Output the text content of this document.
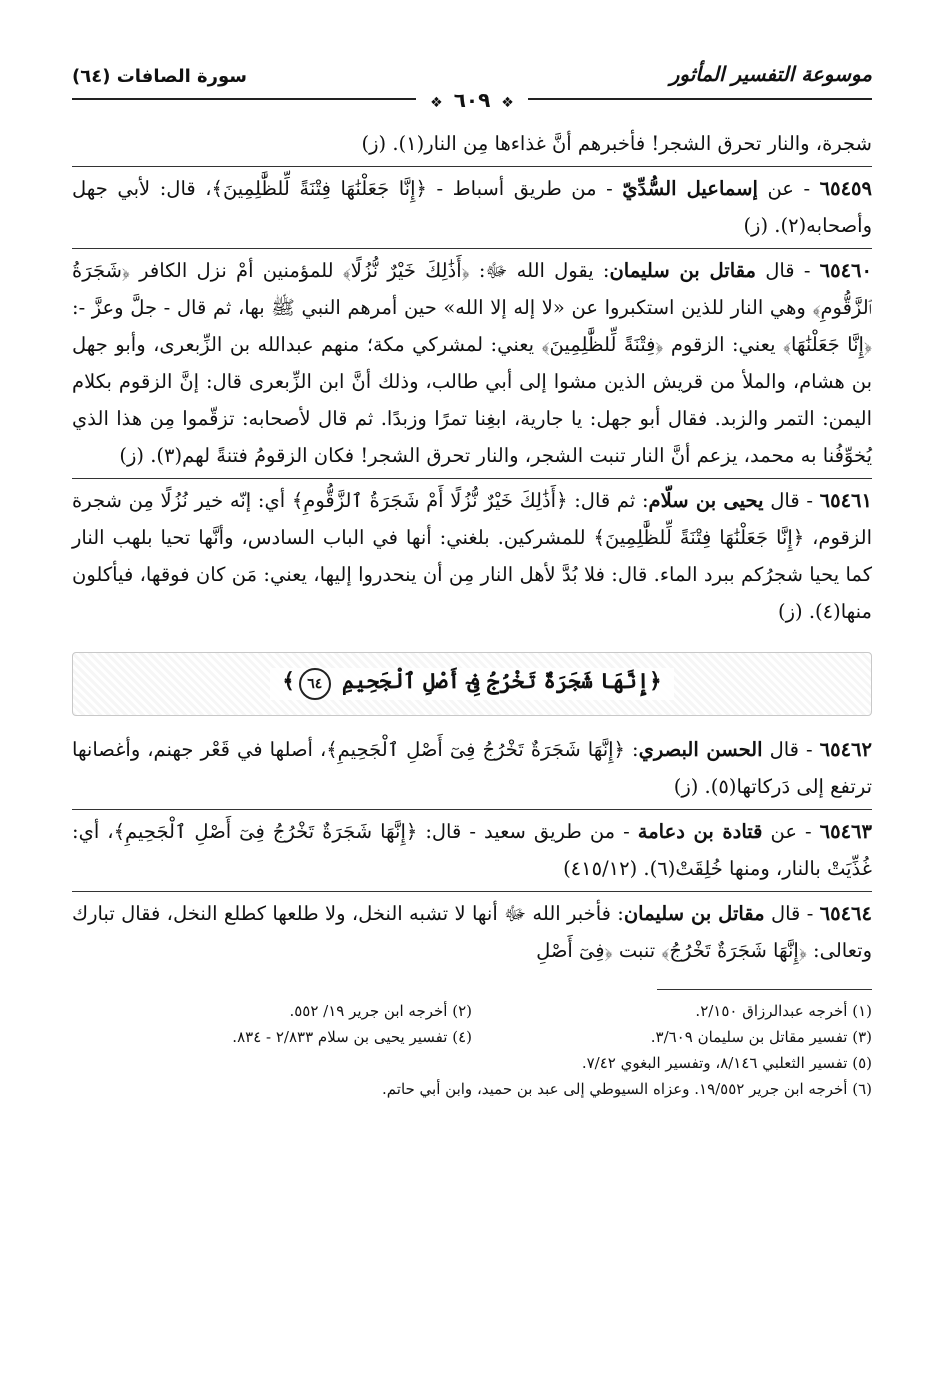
موسوعة التفسير المأثور
سورة الصافات (٦٤)
❖ ٦٠٩ ❖

شجرة، والنار تحرق الشجر! فأخبرهم أنَّ غذاءها مِن النار(١). (ز)

٦٥٤٥٩ - عن إسماعيل السُّدِّيّ - من طريق أسباط - ﴿إِنَّا جَعَلْنَٰهَا فِتْنَةً لِّلظَّٰلِمِينَ﴾، قال: لأبي جهل وأصحابه(٢). (ز)

٦٥٤٦٠ - قال مقاتل بن سليمان: يقول الله ﷻ: ﴿أَذَٰلِكَ خَيْرٌ نُّزُلًا﴾ للمؤمنين أمْ نزل الكافر ﴿شَجَرَةُ ٱلزَّقُّومِ﴾ وهي النار للذين استكبروا عن «لا إله إلا الله» حين أمرهم النبي ﷺ بها، ثم قال - جلَّ وعزَّ -: ﴿إِنَّا جَعَلْنَٰهَا﴾ يعني: الزقوم ﴿فِتْنَةً لِّلظَّٰلِمِينَ﴾ يعني: لمشركي مكة؛ منهم عبدالله بن الزِّبعرى، وأبو جهل بن هشام، والملأ من قريش الذين مشوا إلى أبي طالب، وذلك أنَّ ابن الزِّبعرى قال: إنَّ الزقوم بكلام اليمن: التمر والزبد. فقال أبو جهل: يا جارية، ابغِنا تمرًا وزبدًا. ثم قال لأصحابه: تزقّموا مِن هذا الذي يُخوِّفُنا به محمد، يزعم أنَّ النار تنبت الشجر، والنار تحرق الشجر! فكان الزقومُ فتنةً لهم(٣). (ز)

٦٥٤٦١ - قال يحيى بن سلّام: ثم قال: ﴿أَذَٰلِكَ خَيْرٌ نُّزُلًا أَمْ شَجَرَةُ ٱلزَّقُّومِ﴾ أي: إنّه خير نُزُلًا مِن شجرة الزقوم، ﴿إِنَّا جَعَلْنَٰهَا فِتْنَةً لِّلظَّٰلِمِينَ﴾ للمشركين. بلغني: أنها في الباب السادس، وأنَّها تحيا بلهب النار كما يحيا شجرُكم ببرد الماء. قال: فلا بُدَّ لأهل النار مِن أن ينحدروا إليها، يعني: مَن كان فوقها، فيأكلون منها(٤). (ز)

﴿إِنَّهَا شَجَرَةٌ تَخْرُجُ فِىٓ أَصْلِ ٱلْجَحِيمِ ٦٤﴾

٦٥٤٦٢ - قال الحسن البصري: ﴿إِنَّهَا شَجَرَةٌ تَخْرُجُ فِىٓ أَصْلِ ٱلْجَحِيمِ﴾، أصلها في قَعْر جهنم، وأغصانها ترتفع إلى دَركاتها(٥). (ز)

٦٥٤٦٣ - عن قتادة بن دعامة - من طريق سعيد - قال: ﴿إِنَّهَا شَجَرَةٌ تَخْرُجُ فِىٓ أَصْلِ ٱلْجَحِيمِ﴾، أي: غُذِّيَتْ بالنار، ومنها خُلِقَتْ(٦). (٤١٥/١٢)

٦٥٤٦٤ - قال مقاتل بن سليمان: فأخبر الله ﷻ أنها لا تشبه النخل، ولا طلعها كطلع النخل، فقال تبارك وتعالى: ﴿إِنَّهَا شَجَرَةٌ تَخْرُجُ﴾ تنبت ﴿فِىٓ أَصْلِ

(١) أخرجه عبدالرزاق ٢/١٥٠.
(٢) أخرجه ابن جرير ١٩/ ٥٥٢.
(٣) تفسير مقاتل بن سليمان ٣/٦٠٩.
(٤) تفسير يحيى بن سلام ٢/٨٣٣ - ٨٣٤.
(٥) تفسير الثعلبي ٨/١٤٦، وتفسير البغوي ٧/٤٢.
(٦) أخرجه ابن جرير ١٩/٥٥٢. وعزاه السيوطي إلى عبد بن حميد، وابن أبي حاتم.
